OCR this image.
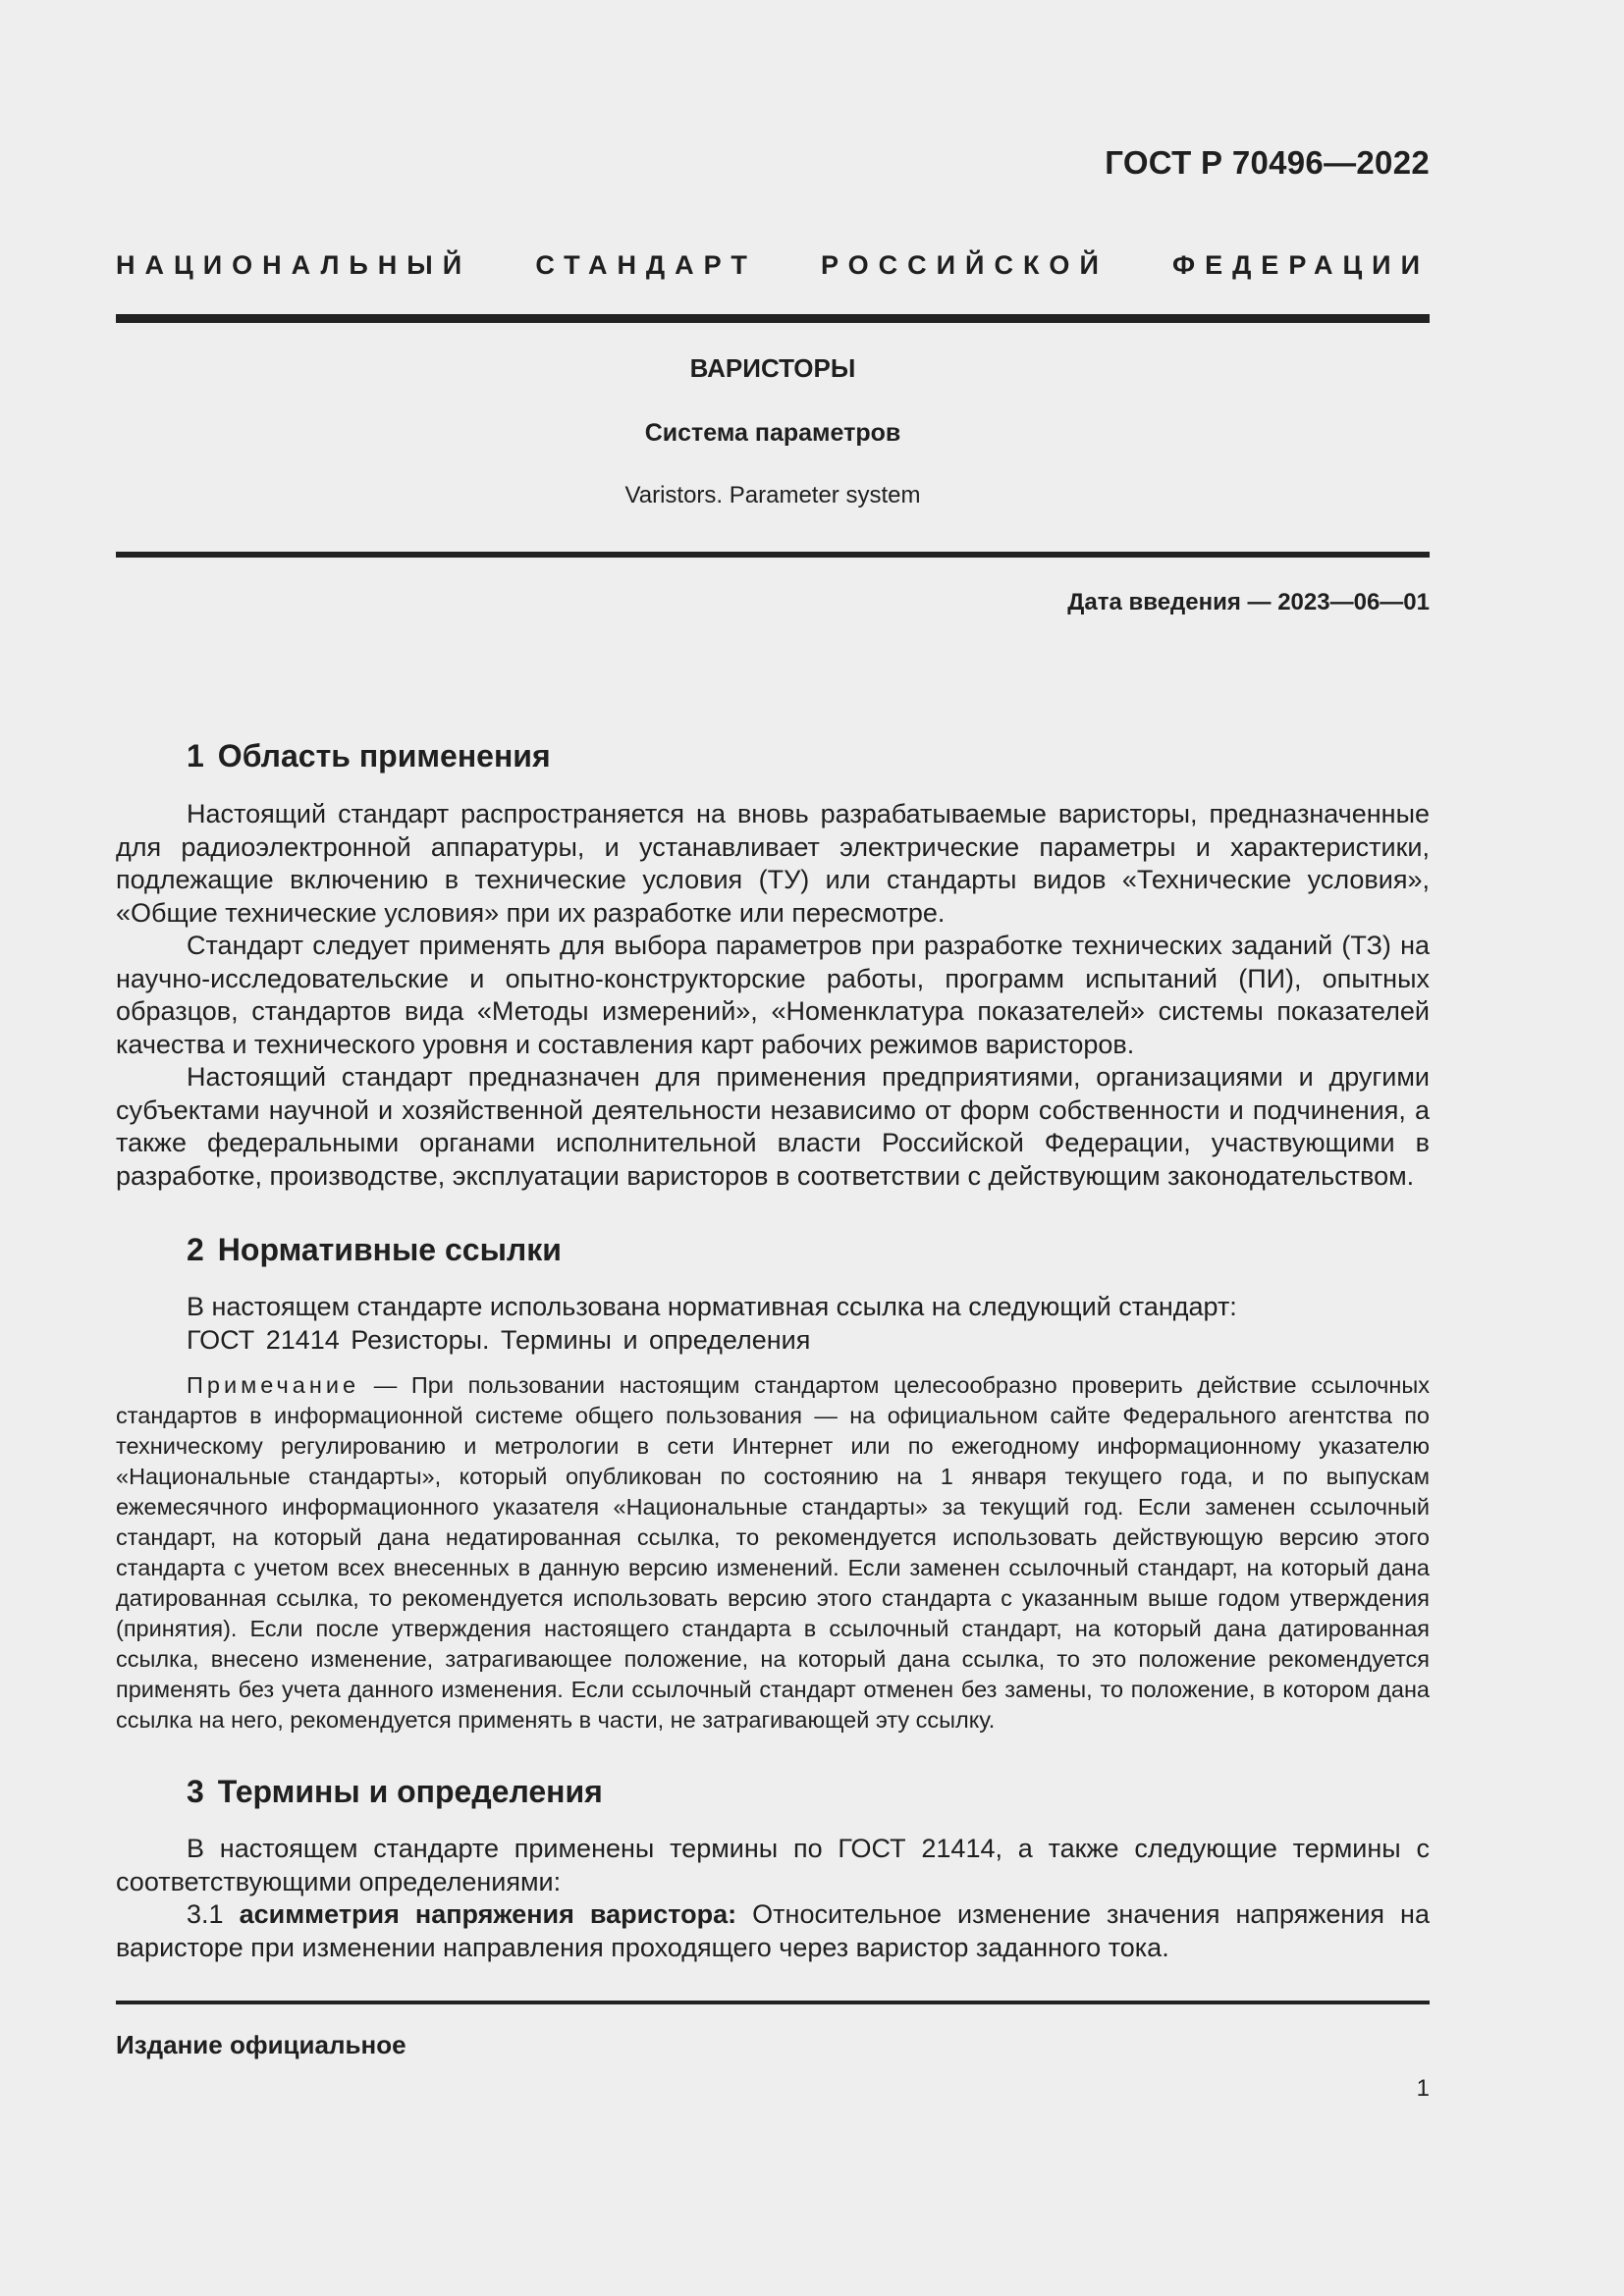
ГОСТ Р 70496—2022
НАЦИОНАЛЬНЫЙ СТАНДАРТ РОССИЙСКОЙ ФЕДЕРАЦИИ
ВАРИСТОРЫ
Система параметров
Varistors. Parameter system
Дата введения — 2023—06—01
1 Область применения

Настоящий стандарт распространяется на вновь разрабатываемые варисторы, предназначенные для радиоэлектронной аппаратуры, и устанавливает электрические параметры и характеристики, подлежащие включению в технические условия (ТУ) или стандарты видов «Технические условия», «Общие технические условия» при их разработке или пересмотре.

Стандарт следует применять для выбора параметров при разработке технических заданий (ТЗ) на научно-исследовательские и опытно-конструкторские работы, программ испытаний (ПИ), опытных образцов, стандартов вида «Методы измерений», «Номенклатура показателей» системы показателей качества и технического уровня и составления карт рабочих режимов варисторов.

Настоящий стандарт предназначен для применения предприятиями, организациями и другими субъектами научной и хозяйственной деятельности независимо от форм собственности и подчинения, а также федеральными органами исполнительной власти Российской Федерации, участвующими в разработке, производстве, эксплуатации варисторов в соответствии с действующим законодательством.

2 Нормативные ссылки

В настоящем стандарте использована нормативная ссылка на следующий стандарт:

ГОСТ 21414 Резисторы. Термины и определения

Примечание — При пользовании настоящим стандартом целесообразно проверить действие ссылочных стандартов в информационной системе общего пользования — на официальном сайте Федерального агентства по техническому регулированию и метрологии в сети Интернет или по ежегодному информационному указателю «Национальные стандарты», который опубликован по состоянию на 1 января текущего года, и по выпускам ежемесячного информационного указателя «Национальные стандарты» за текущий год. Если заменен ссылочный стандарт, на который дана недатированная ссылка, то рекомендуется использовать действующую версию этого стандарта с учетом всех внесенных в данную версию изменений. Если заменен ссылочный стандарт, на который дана датированная ссылка, то рекомендуется использовать версию этого стандарта с указанным выше годом утверждения (принятия). Если после утверждения настоящего стандарта в ссылочный стандарт, на который дана датированная ссылка, внесено изменение, затрагивающее положение, на который дана ссылка, то это положение рекомендуется применять без учета данного изменения. Если ссылочный стандарт отменен без замены, то положение, в котором дана ссылка на него, рекомендуется применять в части, не затрагивающей эту ссылку.
3 Термины и определения

В настоящем стандарте применены термины по ГОСТ 21414, а также следующие термины с соответствующими определениями:

3.1 асимметрия напряжения варистора: Относительное изменение значения напряжения на варисторе при изменении направления проходящего через варистор заданного тока.

Издание официальное
1
